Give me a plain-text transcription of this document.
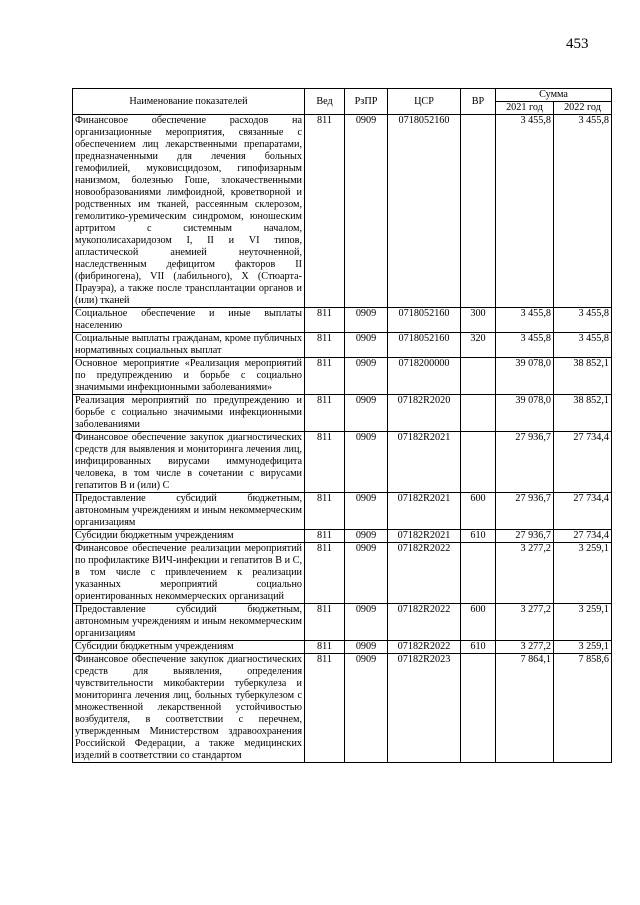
453
Наименование показателей	Вед	РзПР	ЦСР	ВР	Сумма	
					2021 год	2022 год
Финансовое обеспечение расходов на организационные мероприятия, связанные с обеспечением лиц лекарственными препаратами, предназначенными для лечения больных гемофилией, муковисцидозом, гипофизарным нанизмом, болезнью Гоше, злокачественными новообразованиями лимфоидной, кроветворной и родственных им тканей, рассеянным склерозом, гемолитико-уремическим синдромом, юношеским артритом с системным началом, мукополисахаридозом I, II и VI типов, апластической анемией неуточненной, наследственным дефицитом факторов II (фибриногена), VII (лабильного), X (Стюарта-Прауэра), а также после трансплантации органов и (или) тканей	811	0909	0718052160		3 455,8	3 455,8
Социальное обеспечение и иные выплаты населению	811	0909	0718052160	300	3 455,8	3 455,8
Социальные выплаты гражданам, кроме публичных нормативных социальных выплат	811	0909	0718052160	320	3 455,8	3 455,8
Основное мероприятие «Реализация мероприятий по предупреждению и борьбе с социально значимыми инфекционными заболеваниями»	811	0909	0718200000		39 078,0	38 852,1
Реализация мероприятий по предупреждению и борьбе с социально значимыми инфекционными заболеваниями	811	0909	07182R2020		39 078,0	38 852,1
Финансовое обеспечение закупок диагностических средств для выявления и мониторинга лечения лиц, инфицированных вирусами иммунодефицита человека, в том числе в сочетании с вирусами гепатитов В и (или) С	811	0909	07182R2021		27 936,7	27 734,4
Предоставление субсидий бюджетным, автономным учреждениям и иным некоммерческим организациям	811	0909	07182R2021	600	27 936,7	27 734,4
Субсидии бюджетным учреждениям	811	0909	07182R2021	610	27 936,7	27 734,4
Финансовое обеспечение реализации мероприятий по профилактике ВИЧ-инфекции и гепатитов В и С, в том числе с привлечением к реализации указанных мероприятий социально ориентированных некоммерческих организаций	811	0909	07182R2022		3 277,2	3 259,1
Предоставление субсидий бюджетным, автономным учреждениям и иным некоммерческим организациям	811	0909	07182R2022	600	3 277,2	3 259,1
Субсидии бюджетным учреждениям	811	0909	07182R2022	610	3 277,2	3 259,1
Финансовое обеспечение закупок диагностических средств для выявления, определения чувствительности микобактерии туберкулеза и мониторинга лечения лиц, больных туберкулезом с множественной лекарственной устойчивостью возбудителя, в соответствии с перечнем, утвержденным Министерством здравоохранения Российской Федерации, а также медицинских изделий в соответствии со стандартом	811	0909	07182R2023		7 864,1	7 858,6
